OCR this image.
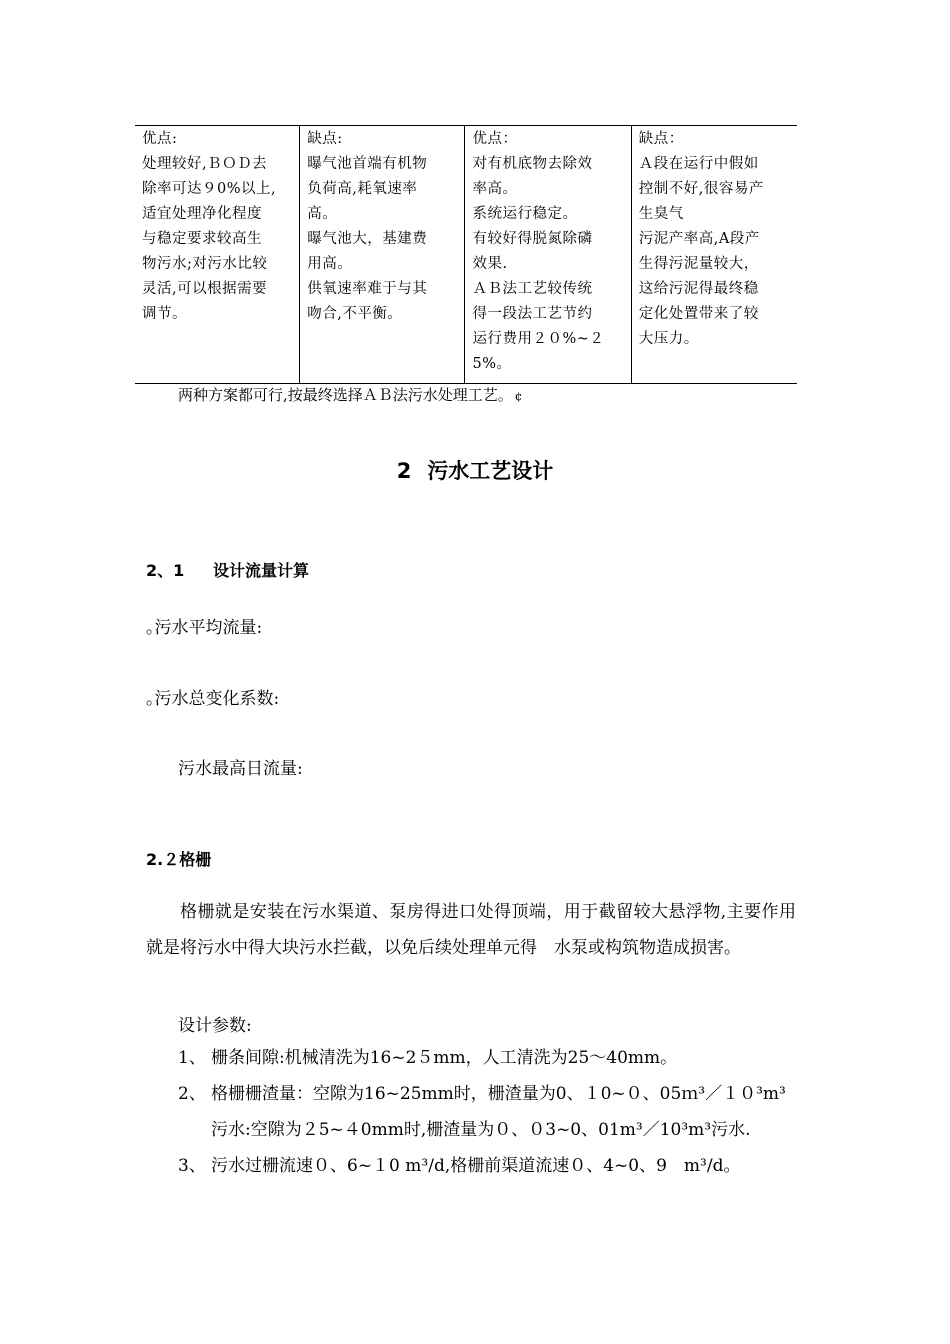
优点:
处理较好,ＢＯＤ去
除率可达９0%以上,
适宜处理净化程度
与稳定要求较高生
物污水;对污水比较
灵活,可以根据需要
调节。

缺点:
曝气池首端有机物
负荷高,耗氧速率
高。
曝气池大，基建费
用高。
供氧速率难于与其
吻合,不平衡。

优点：
对有机底物去除效
率高。
系统运行稳定。
有较好得脱氮除磷
效果.
ＡＢ法工艺较传统
得一段法工艺节约
运行费用２０%~２
5%。

缺点：
Ａ段在运行中假如
控制不好,很容易产
生臭气
污泥产率高,A段产
生得污泥量较大，
这给污泥得最终稳
定化处置带来了较
大压力。
两种方案都可行,按最终选择ＡＢ法污水处理工艺。 ¢
2 污水工艺设计
2、1 设计流量计算
｡污水平均流量:
｡污水总变化系数:
污水最高日流量:
2.２格栅
格栅就是安装在污水渠道、泵房得进口处得顶端，用于截留较大悬浮物,主要作用就是将污水中得大块污水拦截，以免后续处理单元得　水泵或构筑物造成损害。
设计参数:
1、 栅条间隙:机械清洗为16~2５mm，人工清洗为25～40mm。
2、 格栅栅渣量：空隙为16~25mm时，栅渣量为0、１0~０、05ｍ³／１０³m³污水:空隙为２5~４0mm时,栅渣量为０、０3~0、01m³／10³m³污水.
3、 污水过栅流速０、6~１0 m³/d,格栅前渠道流速０、4~0、9　m³/d。
